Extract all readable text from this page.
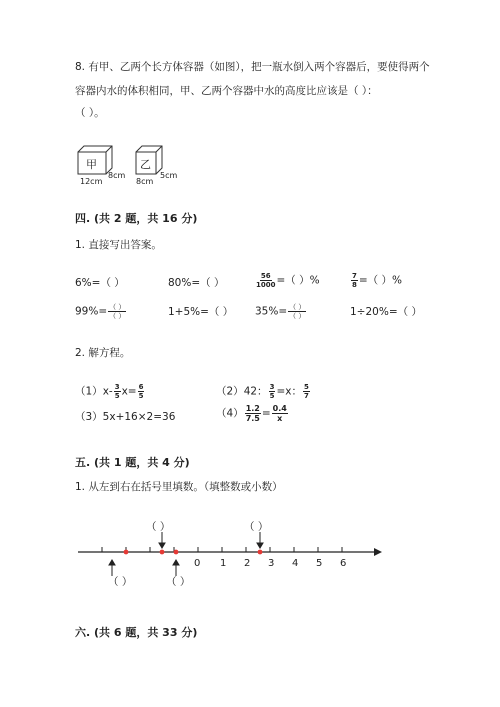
8. 有甲、乙两个长方体容器（如图），把一瓶水倒入两个容器后，要使得两个
容器内水的体积相同，甲、乙两个容器中水的高度比应该是（ ）：
（ ）。
甲
12cm
8cm
乙
8cm
5cm
四. (共 2 题，共 16 分)
1. 直接写出答案。
6%=（ ）	80%=（ ）	$\frac{56}{1000}$ =（ ）%	$\frac{7}{8}$ =（ ）%
$99\%= \frac{( )}{( )}$	1+5%=（ ） $35\%= \frac{( )}{( )}$	1÷20%=（ ）
2. 解方程。
$(1)x- \frac{3}{5} x= \frac{6}{5}$	（2）42： $\frac{3}{5} =x$： $\frac{5}{7}$
（3）5x+16×2=36	$(4) \frac{1.2}{7.5} = \frac{0.4}{x}$
五. (共 1 题，共 4 分)
1. 从左到右在括号里填数。（填整数或小数）
（ ）	（ ）
（ ）	（ ）
0 1 2 3 4 5 6
六. (共 6 题，共 33 分)
